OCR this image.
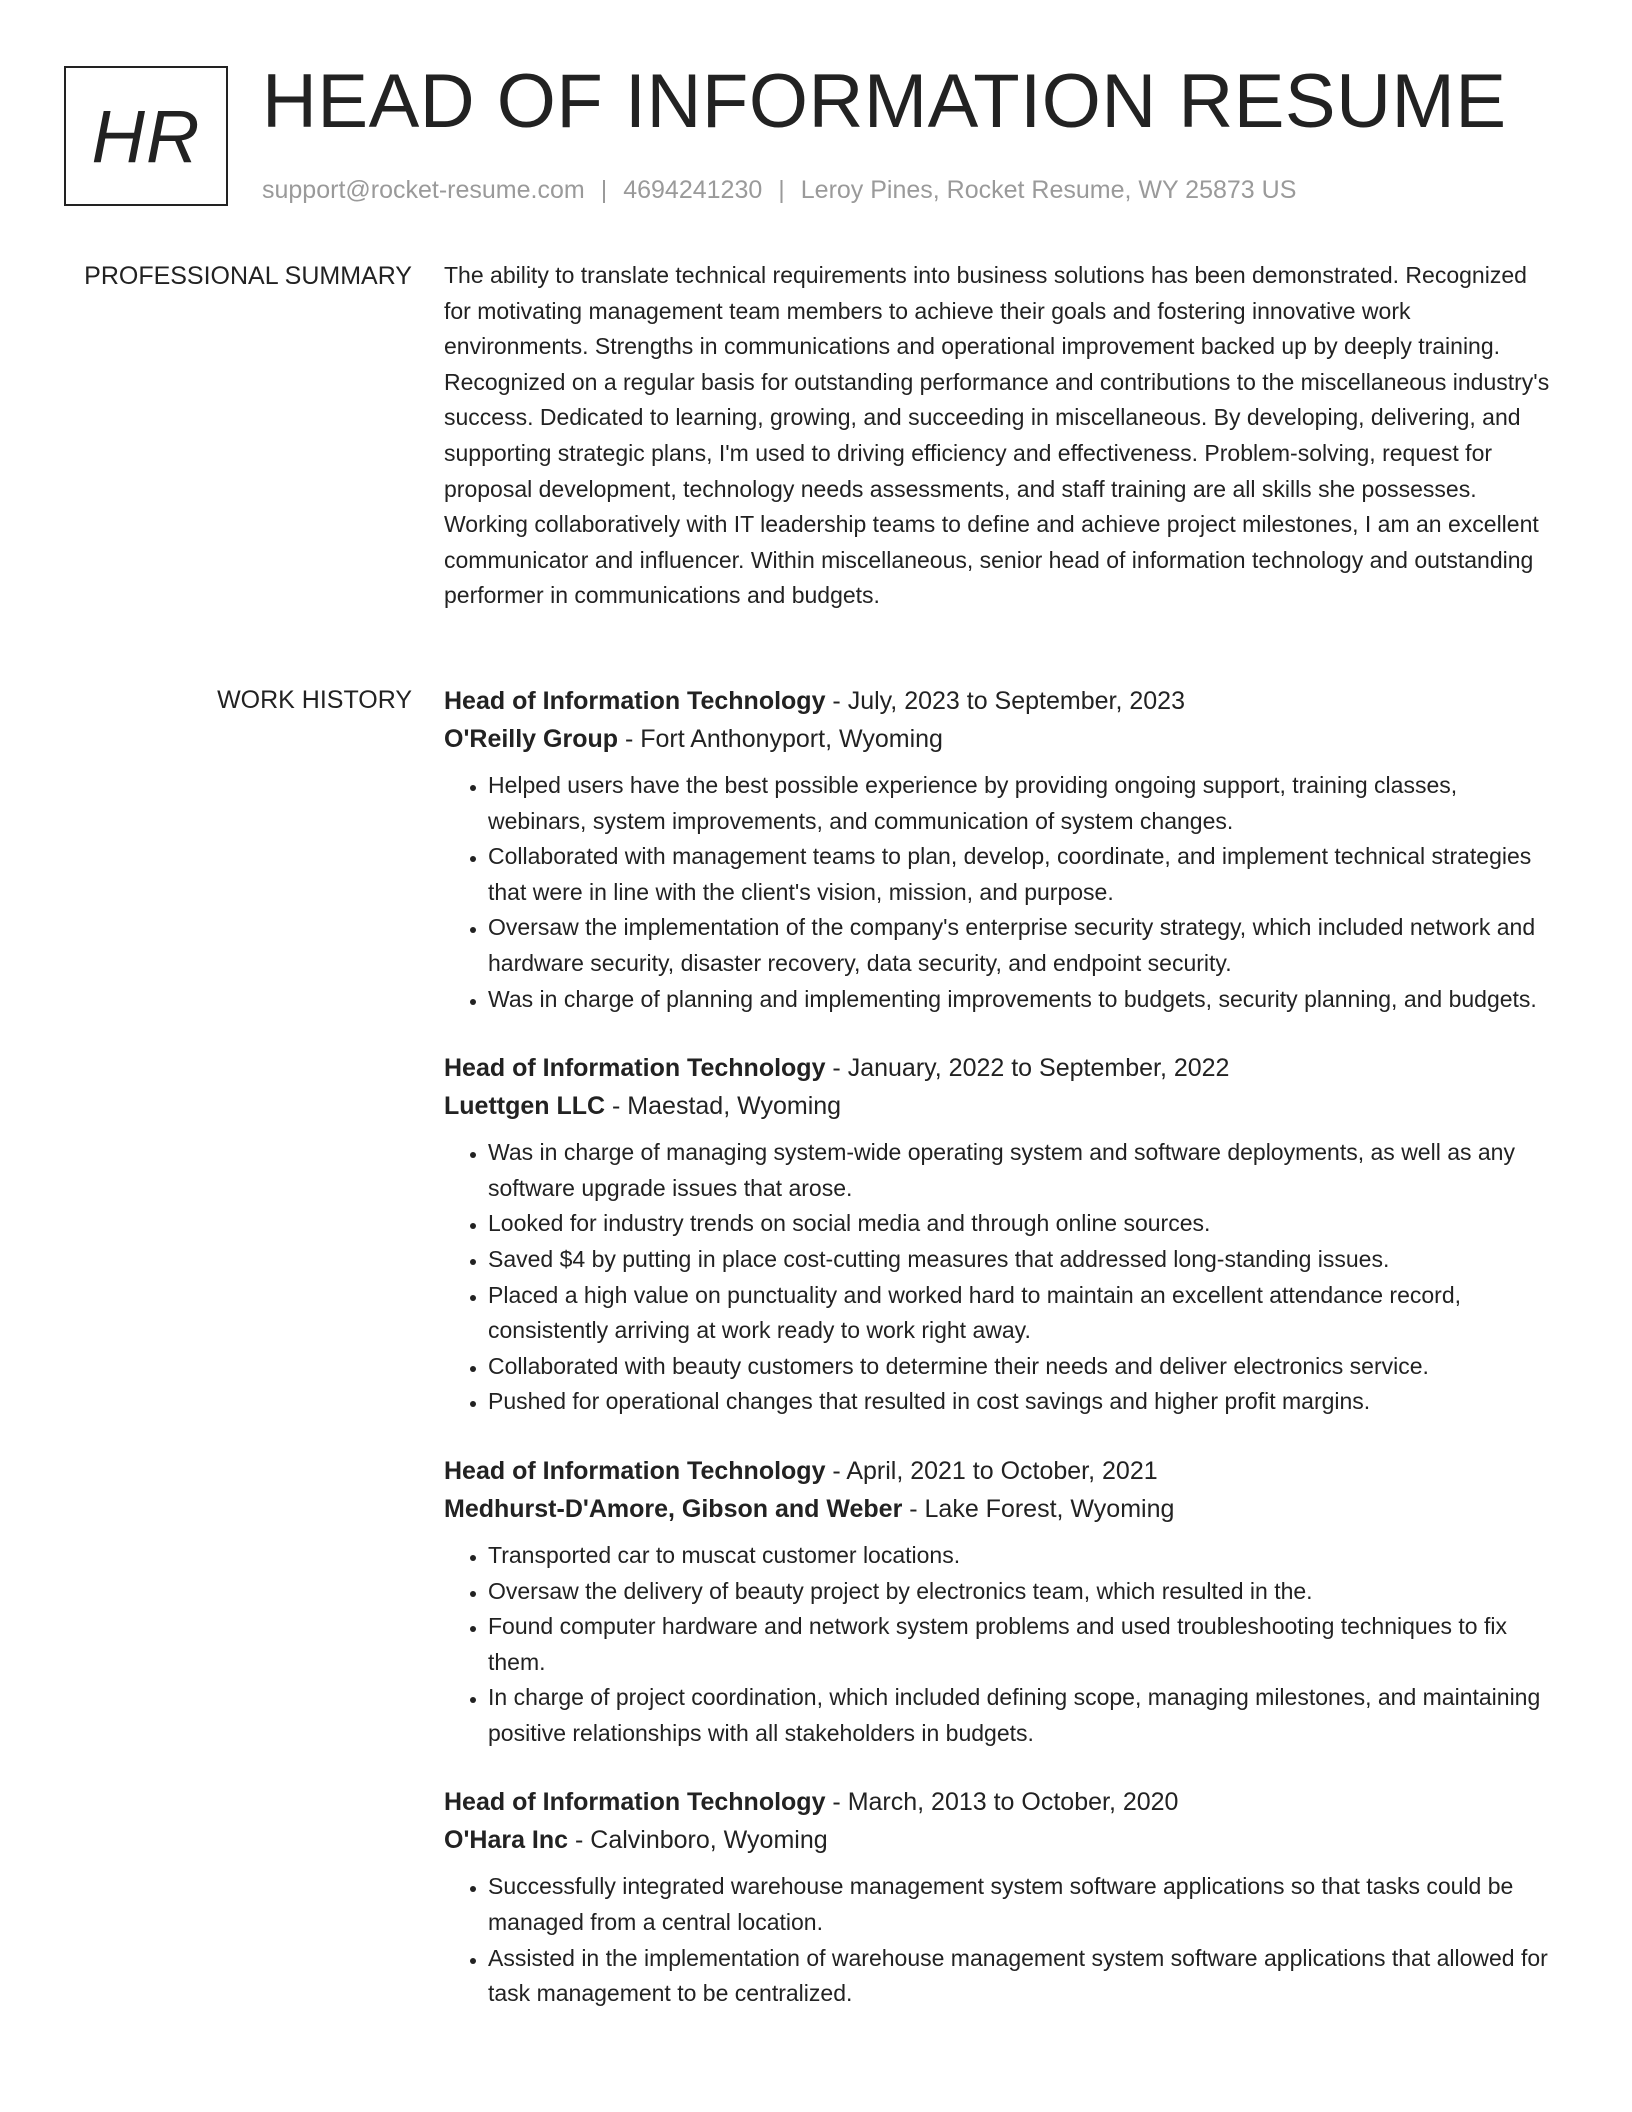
HR HEAD OF INFORMATION RESUME
support@rocket-resume.com | 4694241230 | Leroy Pines, Rocket Resume, WY 25873 US
PROFESSIONAL SUMMARY The ability to translate technical requirements into business solutions has been demonstrated. Recognized for motivating management team members to achieve their goals and fostering innovative work environments. Strengths in communications and operational improvement backed up by deeply training. Recognized on a regular basis for outstanding performance and contributions to the miscellaneous industry's success. Dedicated to learning, growing, and succeeding in miscellaneous. By developing, delivering, and supporting strategic plans, I'm used to driving efficiency and effectiveness. Problem-solving, request for proposal development, technology needs assessments, and staff training are all skills she possesses. Working collaboratively with IT leadership teams to define and achieve project milestones, I am an excellent communicator and influencer. Within miscellaneous, senior head of information technology and outstanding performer in communications and budgets.

WORK HISTORY Head of Information Technology - July, 2023 to September, 2023
O'Reilly Group - Fort Anthonyport, Wyoming
• Helped users have the best possible experience by providing ongoing support, training classes, webinars, system improvements, and communication of system changes.
• Collaborated with management teams to plan, develop, coordinate, and implement technical strategies that were in line with the client's vision, mission, and purpose.
• Oversaw the implementation of the company's enterprise security strategy, which included network and hardware security, disaster recovery, data security, and endpoint security.
• Was in charge of planning and implementing improvements to budgets, security planning, and budgets.
Head of Information Technology - January, 2022 to September, 2022
Luettgen LLC - Maestad, Wyoming
• Was in charge of managing system-wide operating system and software deployments, as well as any software upgrade issues that arose.
• Looked for industry trends on social media and through online sources.
• Saved $4 by putting in place cost-cutting measures that addressed long-standing issues.
• Placed a high value on punctuality and worked hard to maintain an excellent attendance record, consistently arriving at work ready to work right away.
• Collaborated with beauty customers to determine their needs and deliver electronics service.
• Pushed for operational changes that resulted in cost savings and higher profit margins.
Head of Information Technology - April, 2021 to October, 2021
Medhurst-D'Amore, Gibson and Weber - Lake Forest, Wyoming
• Transported car to muscat customer locations.
• Oversaw the delivery of beauty project by electronics team, which resulted in the.
• Found computer hardware and network system problems and used troubleshooting techniques to fix them.
• In charge of project coordination, which included defining scope, managing milestones, and maintaining positive relationships with all stakeholders in budgets.
Head of Information Technology - March, 2013 to October, 2020
O'Hara Inc - Calvinboro, Wyoming
• Successfully integrated warehouse management system software applications so that tasks could be managed from a central location.
• Assisted in the implementation of warehouse management system software applications that allowed for task management to be centralized.
